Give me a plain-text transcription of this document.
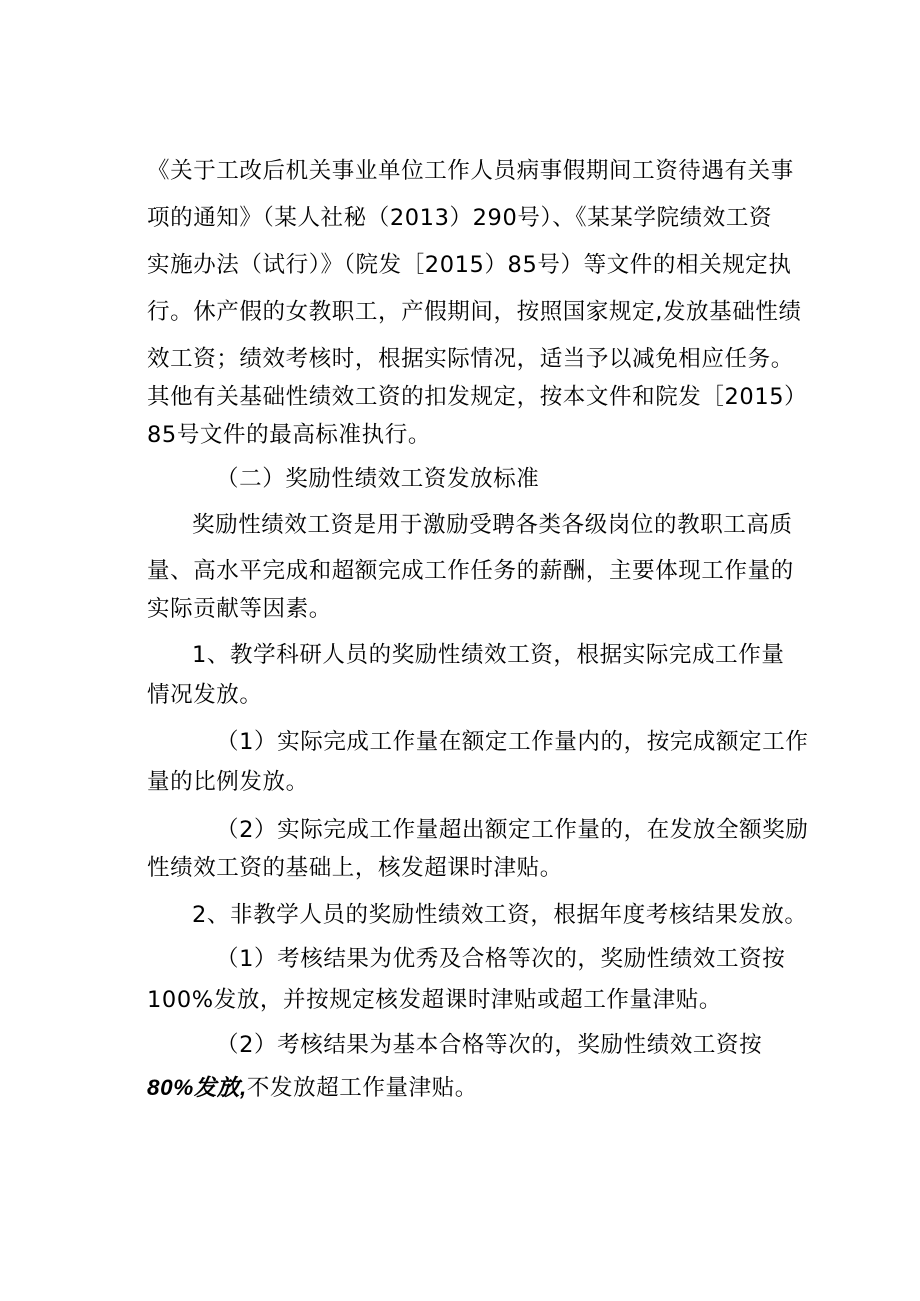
《关于工改后机关事业单位工作人员病事假期间工资待遇有关事
项的通知》（某人社秘（2013）290号）、《某某学院绩效工资
实施办法（试行）》（院发［2015）85号）等文件的相关规定执
行。休产假的女教职工，产假期间，按照国家规定,发放基础性绩
效工资；绩效考核时，根据实际情况，适当予以减免相应任务。
其他有关基础性绩效工资的扣发规定，按本文件和院发［2015）
85号文件的最高标准执行。
（二）奖励性绩效工资发放标准
奖励性绩效工资是用于激励受聘各类各级岗位的教职工高质
量、高水平完成和超额完成工作任务的薪酬，主要体现工作量的
实际贡献等因素。
1、教学科研人员的奖励性绩效工资，根据实际完成工作量
情况发放。
（1）实际完成工作量在额定工作量内的，按完成额定工作
量的比例发放。
（2）实际完成工作量超出额定工作量的，在发放全额奖励
性绩效工资的基础上，核发超课时津贴。
2、非教学人员的奖励性绩效工资，根据年度考核结果发放。
（1）考核结果为优秀及合格等次的，奖励性绩效工资按
100%发放，并按规定核发超课时津贴或超工作量津贴。
（2）考核结果为基本合格等次的，奖励性绩效工资按
80%发放,不发放超工作量津贴。
